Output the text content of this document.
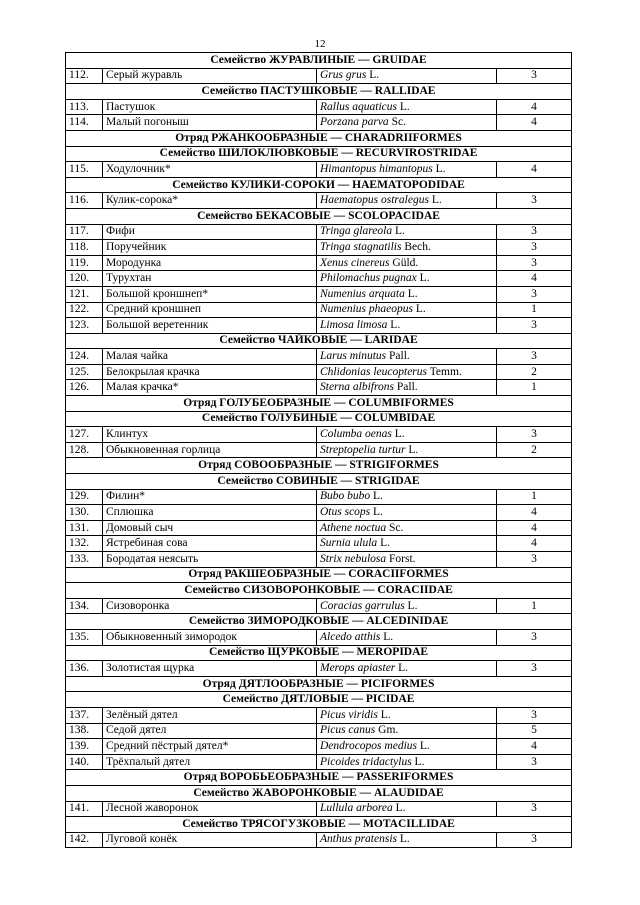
12
Семейство ЖУРАВЛИНЫЕ — GRUIDAE			
112.	Серый журавль	Grus grus L.	3
Семейство ПАСТУШКОВЫЕ — RALLIDAE			
113.	Пастушок	Rallus aquaticus L.	4
114.	Малый погоныш	Porzana parva Sc.	4
Отряд РЖАНКООБРАЗНЫЕ — CHARADRIIFORMES			
Семейство ШИЛОКЛЮВКОВЫЕ — RECURVIROSTRIDAE			
115.	Ходулочник*	Himantopus himantopus L.	4
Семейство КУЛИКИ-СОРОКИ — HAEMATOPODIDAE			
116.	Кулик-сорока*	Haematopus ostralegus L.	3
Семейство БЕКАСОВЫЕ — SCOLOPACIDAE			
117.	Фифи	Tringa glareola L.	3
118.	Поручейник	Tringa stagnatilis Bech.	3
119.	Мородунка	Xenus cinereus Güld.	3
120.	Турухтан	Philomachus pugnax L.	4
121.	Большой кроншнеп*	Numenius arquata L.	3
122.	Средний кроншнеп	Numenius phaeopus L.	1
123.	Большой веретенник	Limosa limosa L.	3
Семейство ЧАЙКОВЫЕ — LARIDAE			
124.	Малая чайка	Larus minutus Pall.	3
125.	Белокрылая крачка	Chlidonias leucopterus Temm.	2
126.	Малая крачка*	Sterna albifrons Pall.	1
Отряд ГОЛУБЕОБРАЗНЫЕ — COLUMBIFORMES			
Семейство ГОЛУБИНЫЕ — COLUMBIDAE			
127.	Клинтух	Columba oenas L.	3
128.	Обыкновенная горлица	Streptopelia turtur L.	2
Отряд СОВООБРАЗНЫЕ — STRIGIFORMES			
Семейство СОВИНЫЕ — STRIGIDAE			
129.	Филин*	Bubo bubo L.	1
130.	Сплюшка	Otus scops L.	4
131.	Домовый сыч	Athene noctua Sc.	4
132.	Ястребиная сова	Surnia ulula L.	4
133.	Бородатая неясыть	Strix nebulosa Forst.	3
Отряд РАКШЕОБРАЗНЫЕ — CORACIIFORMES			
Семейство СИЗОВОРОНКОВЫЕ — CORACIIDAE			
134.	Сизоворонка	Coracias garrulus L.	1
Семейство ЗИМОРОДКОВЫЕ — ALCEDINIDAE			
135.	Обыкновенный зимородок	Alcedo atthis L.	3
Семейство ЩУРКОВЫЕ — MEROPIDAE			
136.	Золотистая щурка	Merops apiaster L.	3
Отряд ДЯТЛООБРАЗНЫЕ — PICIFORMES			
Семейство ДЯТЛОВЫЕ — PICIDAE			
137.	Зелёный дятел	Picus viridis L.	3
138.	Седой дятел	Picus canus Gm.	5
139.	Средний пёстрый дятел*	Dendrocopos medius L.	4
140.	Трёхпалый дятел	Picoides tridactylus L.	3
Отряд ВОРОБЬЕОБРАЗНЫЕ — PASSERIFORMES			
Семейство ЖАВОРОНКОВЫЕ — ALAUDIDAE			
141.	Лесной жаворонок	Lullula arborea L.	3
Семейство ТРЯСОГУЗКОВЫЕ — MOTACILLIDAE			
142.	Луговой конёк	Anthus pratensis L.	3
